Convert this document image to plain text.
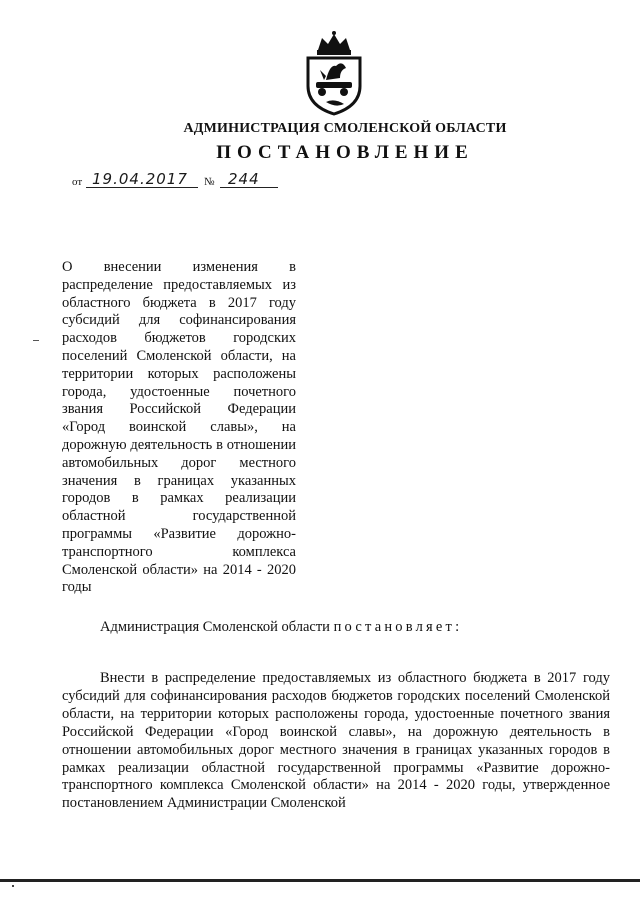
АДМИНИСТРАЦИЯ СМОЛЕНСКОЙ ОБЛАСТИ
ПОСТАНОВЛЕНИЕ
от 19.04.2017 № 244
О внесении изменения в распределение предоставляемых из областного бюджета в 2017 году субсидий для софинансирования расходов бюджетов городских поселений Смоленской области, на территории которых расположены города, удостоенные почетного звания Российской Федерации «Город воинской славы», на дорожную деятельность в отношении автомобильных дорог местного значения в границах указанных городов в рамках реализации областной государственной программы «Развитие дорожно-транспортного комплекса Смоленской области» на 2014 - 2020 годы
Администрация Смоленской области постановляет:
Внести в распределение предоставляемых из областного бюджета в 2017 году субсидий для софинансирования расходов бюджетов городских поселений Смоленской области, на территории которых расположены города, удостоенные почетного звания Российской Федерации «Город воинской славы», на дорожную деятельность в отношении автомобильных дорог местного значения в границах указанных городов в рамках реализации областной государственной программы «Развитие дорожно-транспортного комплекса Смоленской области» на 2014 - 2020 годы, утвержденное постановлением Администрации Смоленской
